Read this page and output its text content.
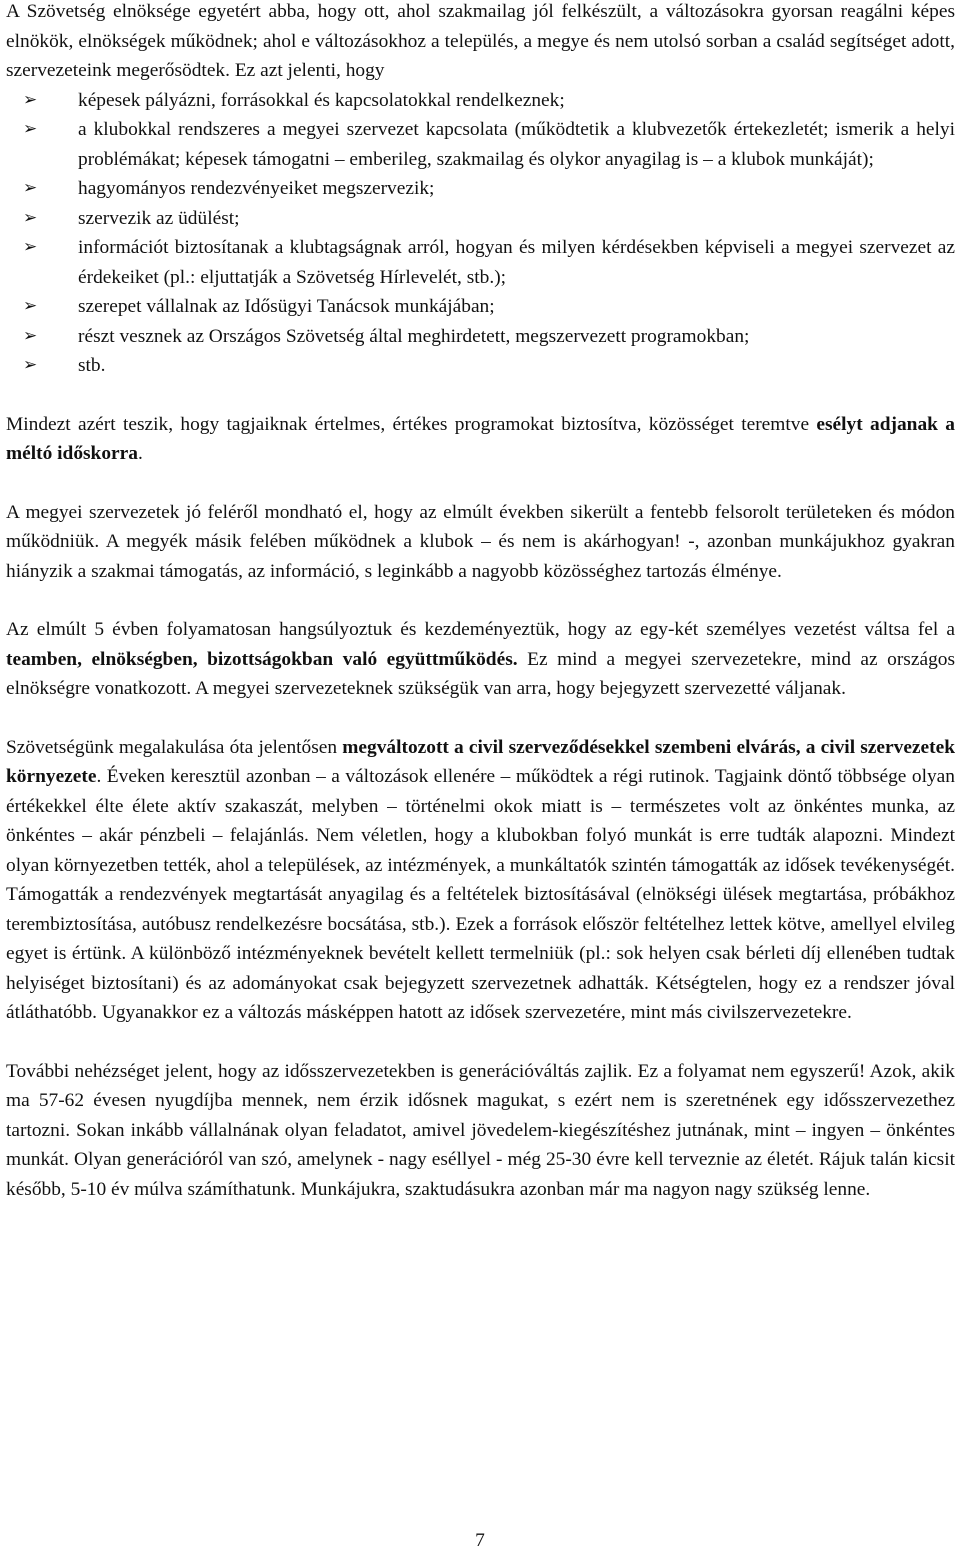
A Szövetség elnöksége egyetért abba, hogy ott, ahol szakmailag jól felkészült, a változásokra gyorsan reagálni képes elnökök, elnökségek működnek; ahol e változásokhoz a település, a megye és nem utolsó sorban a család segítséget adott, szervezeteink megerősödtek. Ez azt jelenti, hogy

➢ képesek pályázni, forrásokkal és kapcsolatokkal rendelkeznek;
➢ a klubokkal rendszeres a megyei szervezet kapcsolata (működtetik a klubvezetők értekezletét; ismerik a helyi problémákat; képesek támogatni – emberileg, szakmailag és olykor anyagilag is – a klubok munkáját);
➢ hagyományos rendezvényeiket megszervezik;
➢ szervezik az üdülést;
➢ információt biztosítanak a klubtagságnak arról, hogyan és milyen kérdésekben képviseli a megyei szervezet az érdekeiket (pl.: eljuttatják a Szövetség Hírlevelét, stb.);
➢ szerepet vállalnak az Idősügyi Tanácsok munkájában;
➢ részt vesznek az Országos Szövetség által meghirdetett, megszervezett programokban;
➢ stb.

Mindezt azért teszik, hogy tagjaiknak értelmes, értékes programokat biztosítva, közösséget teremtve esélyt adjanak a méltó időskorra.

A megyei szervezetek jó feléről mondható el, hogy az elmúlt években sikerült a fentebb felsorolt területeken és módon működniük. A megyék másik felében működnek a klubok – és nem is akárhogyan! -, azonban munkájukhoz gyakran hiányzik a szakmai támogatás, az információ, s leginkább a nagyobb közösséghez tartozás élménye.

Az elmúlt 5 évben folyamatosan hangsúlyoztuk és kezdeményeztük, hogy az egy-két személyes vezetést váltsa fel a teamben, elnökségben, bizottságokban való együttműködés. Ez mind a megyei szervezetekre, mind az országos elnökségre vonatkozott. A megyei szervezeteknek szükségük van arra, hogy bejegyzett szervezetté váljanak.

Szövetségünk megalakulása óta jelentősen megváltozott a civil szerveződésekkel szembeni elvárás, a civil szervezetek környezete. Éveken keresztül azonban – a változások ellenére – működtek a régi rutinok. Tagjaink döntő többsége olyan értékekkel élte élete aktív szakaszát, melyben – történelmi okok miatt is – természetes volt az önkéntes munka, az önkéntes – akár pénzbeli – felajánlás. Nem véletlen, hogy a klubokban folyó munkát is erre tudták alapozni. Mindezt olyan környezetben tették, ahol a települések, az intézmények, a munkáltatók szintén támogatták az idősek tevékenységét. Támogatták a rendezvények megtartását anyagilag és a feltételek biztosításával (elnökségi ülések megtartása, próbákhoz terembiztosítása, autóbusz rendelkezésre bocsátása, stb.). Ezek a források először feltételhez lettek kötve, amellyel elvileg egyet is értünk. A különböző intézményeknek bevételt kellett termelniük (pl.: sok helyen csak bérleti díj ellenében tudtak helyiséget biztosítani) és az adományokat csak bejegyzett szervezetnek adhatták. Kétségtelen, hogy ez a rendszer jóval átláthatóbb. Ugyanakkor ez a változás másképpen hatott az idősek szervezetére, mint más civilszervezetekre.

További nehézséget jelent, hogy az idősszervezetekben is generációváltás zajlik. Ez a folyamat nem egyszerű! Azok, akik ma 57-62 évesen nyugdíjba mennek, nem érzik idősnek magukat, s ezért nem is szeretnének egy idősszervezethez tartozni. Sokan inkább vállalnának olyan feladatot, amivel jövedelem-kiegészítéshez jutnának, mint – ingyen – önkéntes munkát. Olyan generációról van szó, amelynek - nagy eséllyel - még 25-30 évre kell terveznie az életét. Rájuk talán kicsit később, 5-10 év múlva számíthatunk. Munkájukra, szaktudásukra azonban már ma nagyon nagy szükség lenne.

7
